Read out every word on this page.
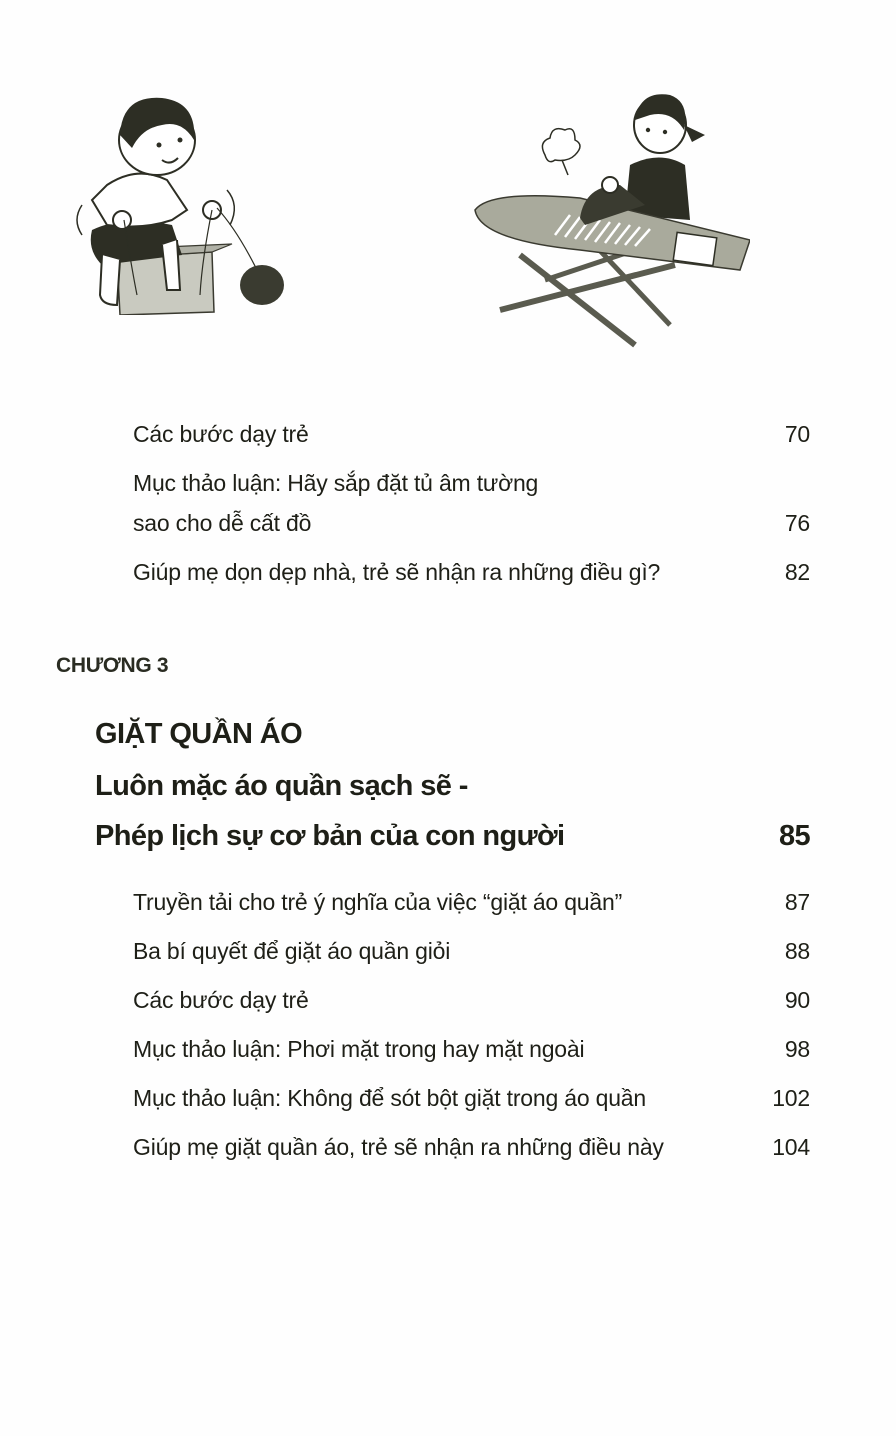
Các bước dạy trẻ	70
Mục thảo luận: Hãy sắp đặt tủ âm tường
sao cho dễ cất đồ	76
Giúp mẹ dọn dẹp nhà, trẻ sẽ nhận ra những điều gì?	82
CHƯƠNG 3
GIẶT QUẦN ÁO
Luôn mặc áo quần sạch sẽ -
Phép lịch sự cơ bản của con người	85
Truyền tải cho trẻ ý nghĩa của việc “giặt áo quần”	87
Ba bí quyết để giặt áo quần giỏi	88
Các bước dạy trẻ	90
Mục thảo luận: Phơi mặt trong hay mặt ngoài	98
Mục thảo luận: Không để sót bột giặt trong áo quần	102
Giúp mẹ giặt quần áo, trẻ sẽ nhận ra những điều này	104
